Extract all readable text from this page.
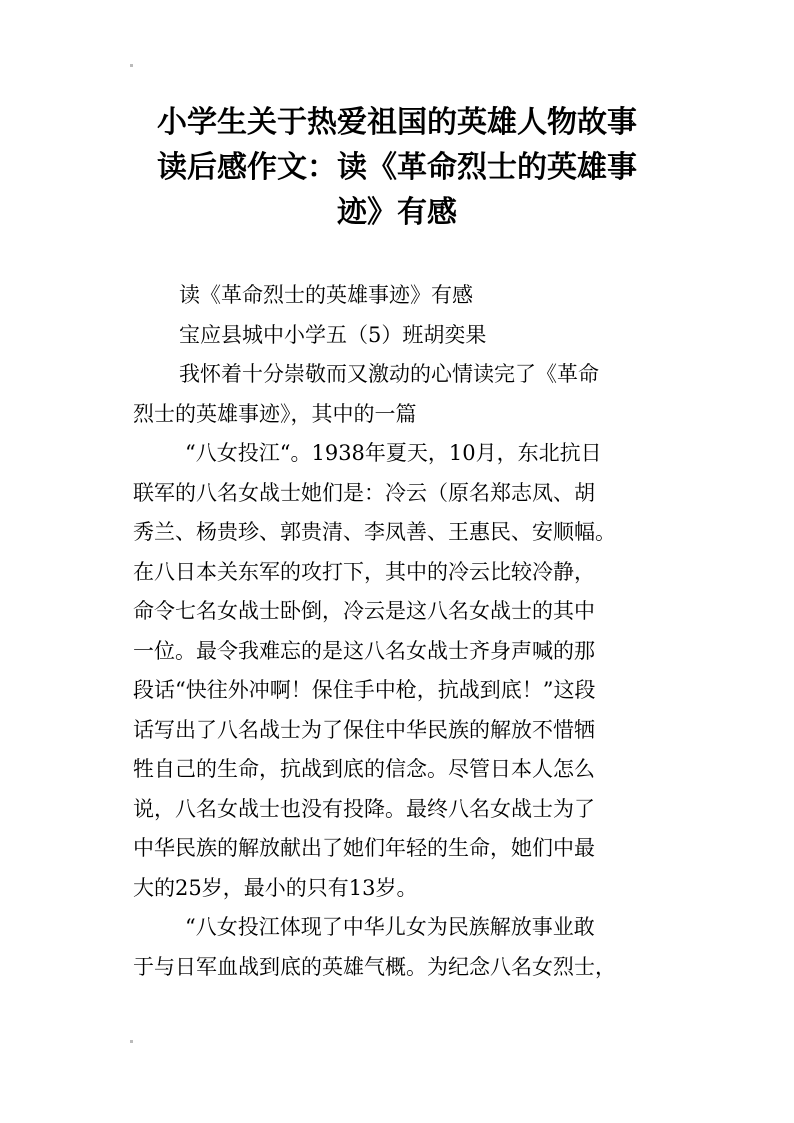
小学生关于热爱祖国的英雄人物故事
读后感作文：读《革命烈士的英雄事
迹》有感
读《革命烈士的英雄事迹》有感
宝应县城中小学五（5）班胡奕果
我怀着十分崇敬而又激动的心情读完了《革命
烈士的英雄事迹》，其中的一篇
“八女投江“。1938年夏天，10月，东北抗日
联军的八名女战士她们是：冷云（原名郑志凤、胡
秀兰、杨贵珍、郭贵清、李凤善、王惠民、安顺幅。
在八日本关东军的攻打下，其中的冷云比较冷静，
命令七名女战士卧倒，冷云是这八名女战士的其中
一位。最令我难忘的是这八名女战士齐身声喊的那
段话“快往外冲啊！保住手中枪，抗战到底！”这段
话写出了八名战士为了保住中华民族的解放不惜牺
牲自己的生命，抗战到底的信念。尽管日本人怎么
说，八名女战士也没有投降。最终八名女战士为了
中华民族的解放献出了她们年轻的生命，她们中最
大的25岁，最小的只有13岁。
“八女投江体现了中华儿女为民族解放事业敢
于与日军血战到底的英雄气概。为纪念八名女烈士，
